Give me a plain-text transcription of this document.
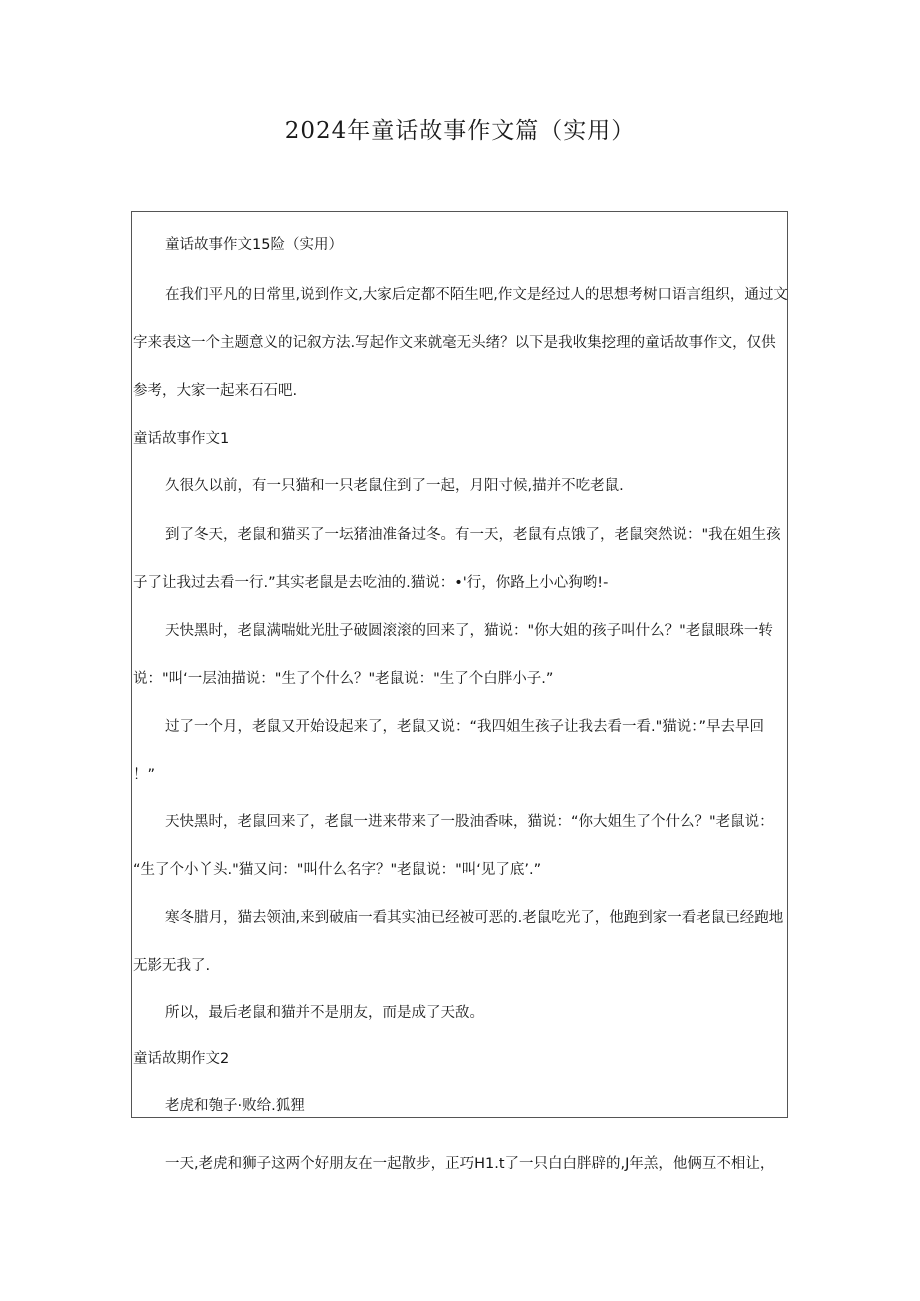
2024年童话故事作文篇（实用）
童话故事作文15险（实用）
在我们平凡的日常里,说到作文,大家后定都不陌生吧,作文是经过人的思想考树口语言组织，通过文
字来表这一个主题意义的记叙方法.写起作文来就毫无头绪？以下是我收集挖理的童话故事作文，仅供
参考，大家一起来石石吧.
童话故事作文1
久很久以前，有一只猫和一只老鼠住到了一起，月阳寸候,描并不吃老鼠.
到了冬天，老鼠和猫买了一坛猪油准备过冬。有一天，老鼠有点饿了，老鼠突然说："我在姐生孩
子了让我过去看一行.”其实老鼠是去吃油的.猫说：•'行，你路上小心狗哟!-
天快黑时，老鼠满喘妣光肚子破圆滚滚的回来了，猫说："你大姐的孩子叫什么？"老鼠眼珠一转
说："叫‘一层油描说："生了个什么？"老鼠说："生了个白胖小子.”
过了一个月，老鼠又开始设起来了，老鼠又说：“我四姐生孩子让我去看一看."猫说：”早去早回
！”
天快黑时，老鼠回来了，老鼠一进来带来了一股油香味，猫说：“你大姐生了个什么？"老鼠说：
“生了个小丫头."猫又问："叫什么名字？"老鼠说："叫‘见了底’.”
寒冬腊月，猫去领油,来到破庙一看其实油已经被可恶的.老鼠吃光了，他跑到家一看老鼠已经跑地
无影无我了.
所以，最后老鼠和猫并不是朋友，而是成了天敌。
童话故期作文2
老虎和匏子·败给.狐狸
一天,老虎和狮子这两个好朋友在一起散步，正巧H1.t了一只白白胖辟的,J年羔，他俩互不相让，
